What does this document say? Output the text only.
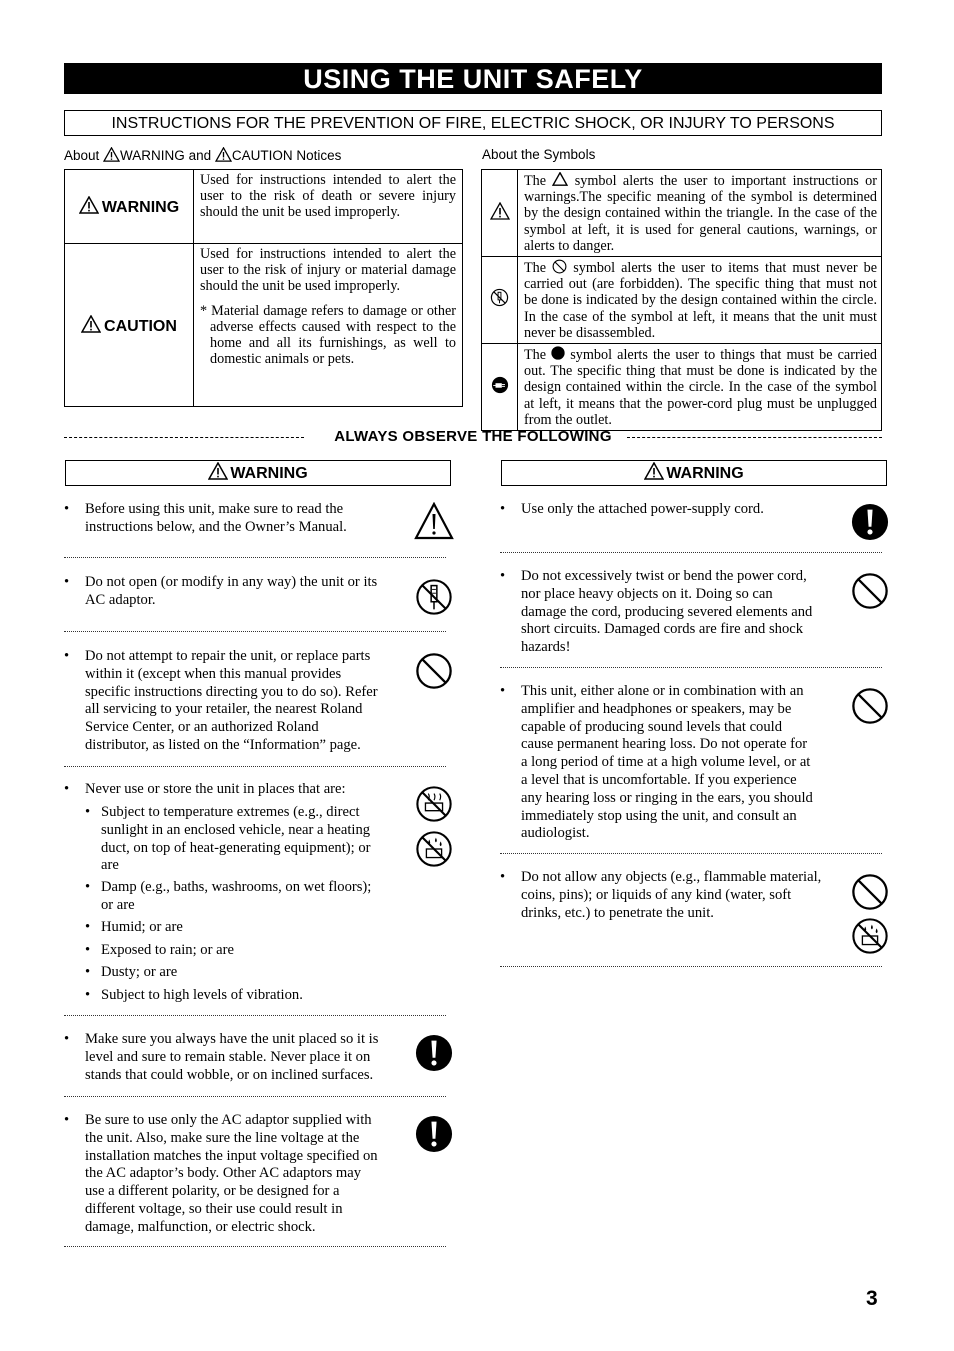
USING THE UNIT SAFELY
INSTRUCTIONS FOR THE PREVENTION OF FIRE, ELECTRIC SHOCK, OR INJURY TO PERSONS
About WARNING and CAUTION Notices	About the Symbols
WARNING	Used for instructions intended to alert the user to the risk of death or severe injury should the unit be used improperly.
CAUTION	Used for instructions intended to alert the user to the risk of injury or material damage should the unit be used improperly.
* Material damage refers to damage or other adverse effects caused with respect to the home and all its furnishings, as well to domestic animals or pets.
	The symbol alerts the user to important instructions or warnings.The specific meaning of the symbol is determined by the design contained within the triangle. In the case of the symbol at left, it is used for general cautions, warnings, or alerts to danger.
	The symbol alerts the user to items that must never be carried out (are forbidden). The specific thing that must not be done is indicated by the design contained within the circle. In the case of the symbol at left, it means that the unit must never be disassembled.
	The symbol alerts the user to things that must be carried out. The specific thing that must be done is indicated by the design contained within the circle. In the case of the symbol at left, it means that the power-cord plug must be unplugged from the outlet.
ALWAYS OBSERVE THE FOLLOWING
WARNING	WARNING
• Before using this unit, make sure to read the
instructions below, and the Owner’s Manual.
• Do not open (or modify in any way) the unit or its
AC adaptor.
• Do not attempt to repair the unit, or replace parts
within it (except when this manual provides
specific instructions directing you to do so). Refer
all servicing to your retailer, the nearest Roland
Service Center, or an authorized Roland
distributor, as listed on the “Information” page.
• Never use or store the unit in places that are:
• Subject to temperature extremes (e.g., direct
sunlight in an enclosed vehicle, near a heating
duct, on top of heat-generating equipment); or
are
• Damp (e.g., baths, washrooms, on wet floors);
or are
• Humid; or are
• Exposed to rain; or are
• Dusty; or are
• Subject to high levels of vibration.
• Make sure you always have the unit placed so it is
level and sure to remain stable. Never place it on
stands that could wobble, or on inclined surfaces.
• Be sure to use only the AC adaptor supplied with
the unit. Also, make sure the line voltage at the
installation matches the input voltage specified on
the AC adaptor’s body. Other AC adaptors may
use a different polarity, or be designed for a
different voltage, so their use could result in
damage, malfunction, or electric shock.
• Use only the attached power-supply cord.
• Do not excessively twist or bend the power cord,
nor place heavy objects on it. Doing so can
damage the cord, producing severed elements and
short circuits. Damaged cords are fire and shock
hazards!
• This unit, either alone or in combination with an
amplifier and headphones or speakers, may be
capable of producing sound levels that could
cause permanent hearing loss. Do not operate for
a long period of time at a high volume level, or at
a level that is uncomfortable. If you experience
any hearing loss or ringing in the ears, you should
immediately stop using the unit, and consult an
audiologist.
• Do not allow any objects (e.g., flammable material,
coins, pins); or liquids of any kind (water, soft
drinks, etc.) to penetrate the unit.
3
